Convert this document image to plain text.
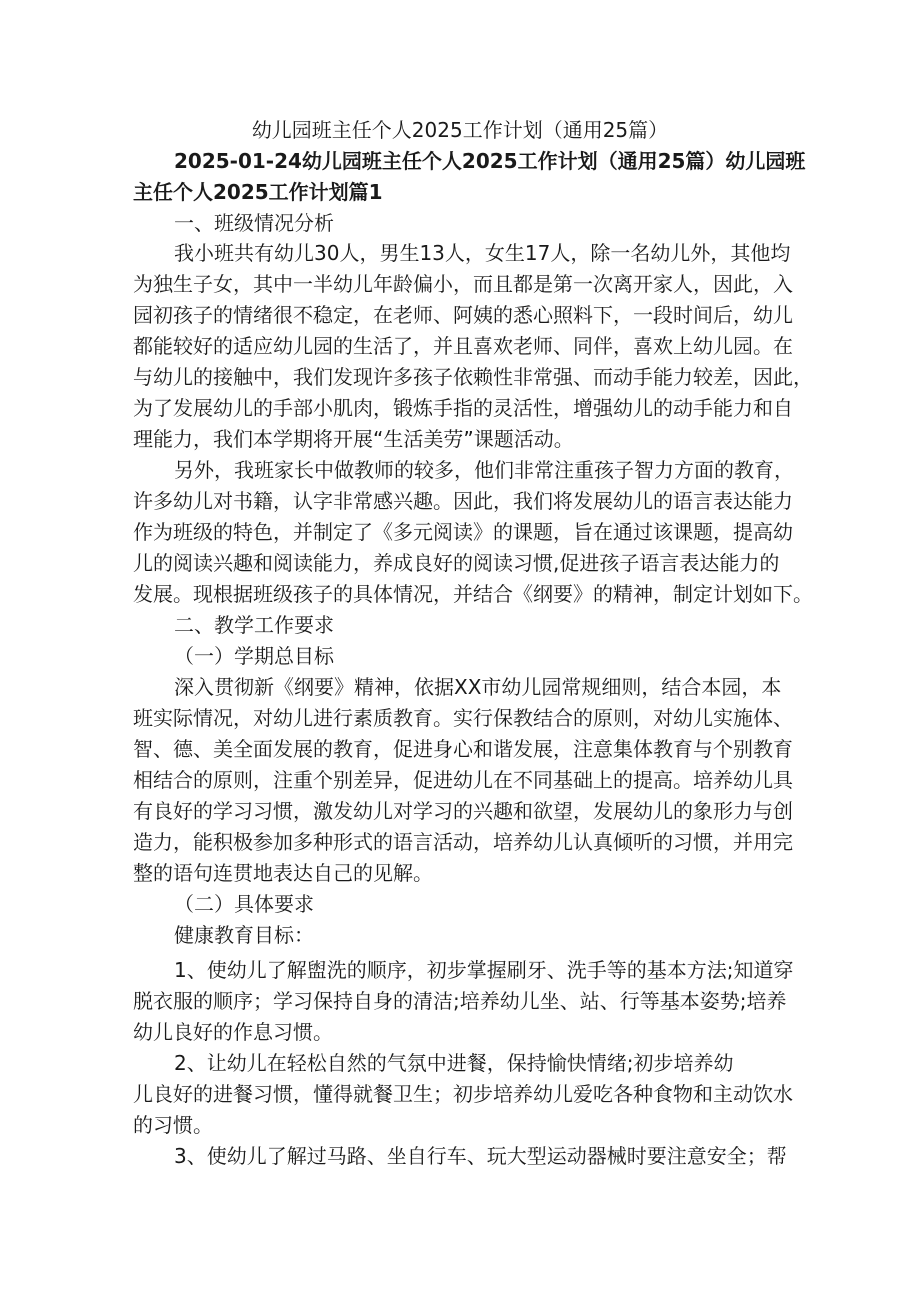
幼儿园班主任个人2025工作计划（通用25篇）

2025-01-24幼儿园班主任个人2025工作计划（通用25篇）幼儿园班

主任个人2025工作计划篇1

一、班级情况分析

我小班共有幼儿30人，男生13人，女生17人，除一名幼儿外，其他均

为独生子女，其中一半幼儿年龄偏小，而且都是第一次离开家人，因此，入

园初孩子的情绪很不稳定，在老师、阿姨的悉心照料下，一段时间后，幼儿

都能较好的适应幼儿园的生活了，并且喜欢老师、同伴，喜欢上幼儿园。在

与幼儿的接触中，我们发现许多孩子依赖性非常强、而动手能力较差，因此，

为了发展幼儿的手部小肌肉，锻炼手指的灵活性，增强幼儿的动手能力和自

理能力，我们本学期将开展“生活美劳”课题活动。

另外，我班家长中做教师的较多，他们非常注重孩子智力方面的教育，

许多幼儿对书籍，认字非常感兴趣。因此，我们将发展幼儿的语言表达能力

作为班级的特色，并制定了《多元阅读》的课题，旨在通过该课题，提高幼

儿的阅读兴趣和阅读能力，养成良好的阅读习惯,促进孩子语言表达能力的

发展。现根据班级孩子的具体情况，并结合《纲要》的精神，制定计划如下。

二、教学工作要求

（一）学期总目标

深入贯彻新《纲要》精神，依据XX市幼儿园常规细则，结合本园，本

班实际情况，对幼儿进行素质教育。实行保教结合的原则，对幼儿实施体、

智、德、美全面发展的教育，促进身心和谐发展，注意集体教育与个别教育

相结合的原则，注重个别差异，促进幼儿在不同基础上的提高。培养幼儿具

有良好的学习习惯，激发幼儿对学习的兴趣和欲望，发展幼儿的象形力与创

造力，能积极参加多种形式的语言活动，培养幼儿认真倾听的习惯，并用完

整的语句连贯地表达自己的见解。

（二）具体要求

健康教育目标：

1、使幼儿了解盥洗的顺序，初步掌握刷牙、洗手等的基本方法;知道穿

脱衣服的顺序；学习保持自身的清洁;培养幼儿坐、站、行等基本姿势;培养

幼儿良好的作息习惯。

2、让幼儿在轻松自然的气氛中进餐，保持愉快情绪;初步培养幼

儿良好的进餐习惯，懂得就餐卫生；初步培养幼儿爱吃各种食物和主动饮水

的习惯。

3、使幼儿了解过马路、坐自行车、玩大型运动器械时要注意安全；帮
